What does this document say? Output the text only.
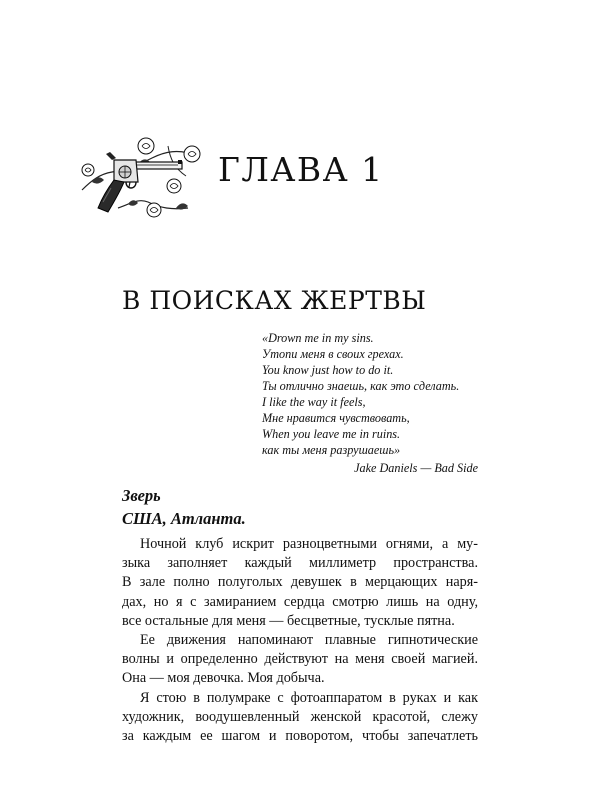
ГЛАВА 1
В ПОИСКАХ ЖЕРТВЫ
«Drown me in my sins.
Утопи меня в своих грехах.
You know just how to do it.
Ты отлично знаешь, как это сделать.
I like the way it feels,
Мне нравится чувствовать,
When you leave me in ruins.
как ты меня разрушаешь»
Jake Daniels — Bad Side
Зверь
США, Атланта.
Ночной клуб искрит разноцветными огнями, а му-
зыка заполняет каждый миллиметр пространства.
В зале полно полуголых девушек в мерцающих наря-
дах, но я с замиранием сердца смотрю лишь на одну,
все остальные для меня — бесцветные, тусклые пятна.
Ее движения напоминают плавные гипнотические
волны и определенно действуют на меня своей магией.
Она — моя девочка. Моя добыча.
Я стою в полумраке с фотоаппаратом в руках и как
художник, воодушевленный женской красотой, слежу
за каждым ее шагом и поворотом, чтобы запечатлеть
